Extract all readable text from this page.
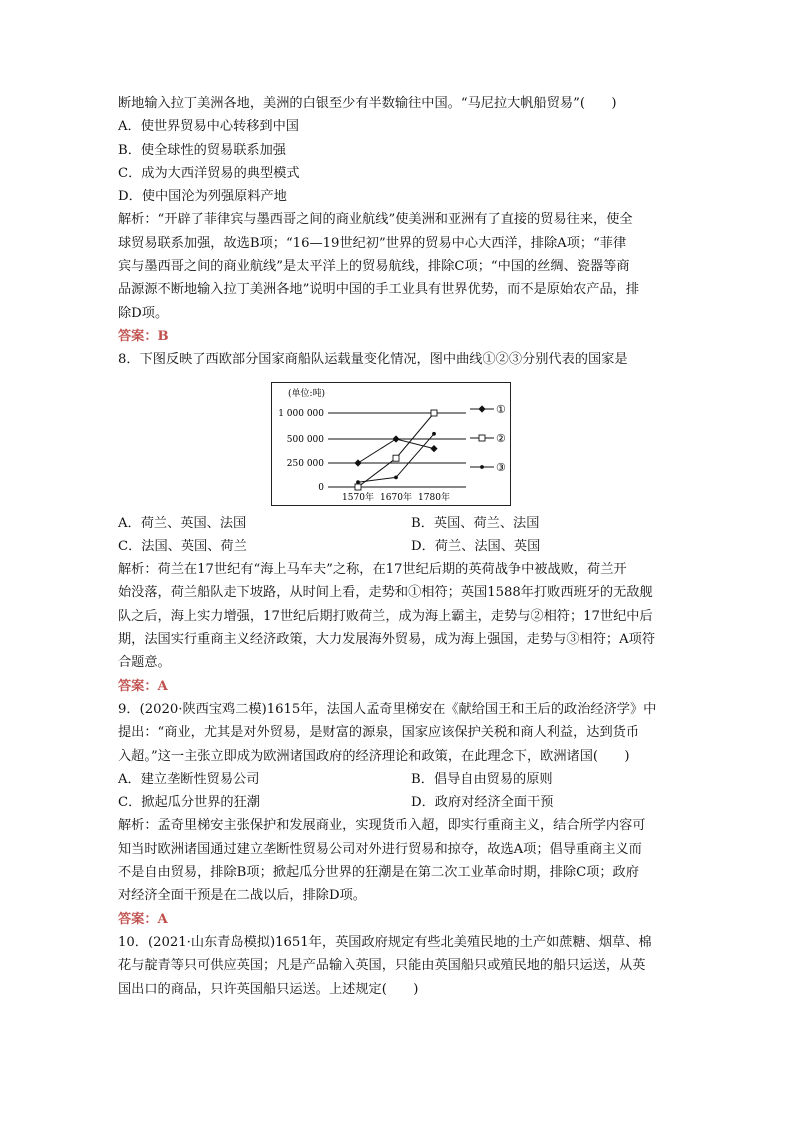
断地输入拉丁美洲各地，美洲的白银至少有半数输往中国。“马尼拉大帆船贸易”(　　)
A．使世界贸易中心转移到中国
B．使全球性的贸易联系加强
C．成为大西洋贸易的典型模式
D．使中国沦为列强原料产地
解析：“开辟了菲律宾与墨西哥之间的商业航线”使美洲和亚洲有了直接的贸易往来，使全
球贸易联系加强，故选B项；“16—19世纪初”世界的贸易中心大西洋，排除A项；“菲律
宾与墨西哥之间的商业航线”是太平洋上的贸易航线，排除C项；“中国的丝绸、瓷器等商
品源源不断地输入拉丁美洲各地”说明中国的手工业具有世界优势，而不是原始农产品，排
除D项。
答案：B
8．下图反映了西欧部分国家商船队运载量变化情况，图中曲线①②③分别代表的国家是
A．荷兰、英国、法国	B．英国、荷兰、法国
C．法国、英国、荷兰	D．荷兰、法国、英国
解析：荷兰在17世纪有“海上马车夫”之称，在17世纪后期的英荷战争中被战败，荷兰开
始没落，荷兰船队走下坡路，从时间上看，走势和①相符；英国1588年打败西班牙的无敌舰
队之后，海上实力增强，17世纪后期打败荷兰，成为海上霸主，走势与②相符；17世纪中后
期，法国实行重商主义经济政策，大力发展海外贸易，成为海上强国，走势与③相符；A项符
合题意。
答案：A
9．(2020·陕西宝鸡二模)1615年，法国人孟奇里梯安在《献给国王和王后的政治经济学》中
提出：“商业，尤其是对外贸易，是财富的源泉，国家应该保护关税和商人利益，达到货币
入超。”这一主张立即成为欧洲诸国政府的经济理论和政策，在此理念下，欧洲诸国(　　)
A．建立垄断性贸易公司	B．倡导自由贸易的原则
C．掀起瓜分世界的狂潮	D．政府对经济全面干预
解析：孟奇里梯安主张保护和发展商业，实现货币入超，即实行重商主义，结合所学内容可
知当时欧洲诸国通过建立垄断性贸易公司对外进行贸易和掠夺，故选A项；倡导重商主义而
不是自由贸易，排除B项；掀起瓜分世界的狂潮是在第二次工业革命时期，排除C项；政府
对经济全面干预是在二战以后，排除D项。
答案：A
10．(2021·山东青岛模拟)1651年，英国政府规定有些北美殖民地的土产如蔗糖、烟草、棉
花与靛青等只可供应英国；凡是产品输入英国，只能由英国船只或殖民地的船只运送，从英
国出口的商品，只许英国船只运送。上述规定(　　)
(单位:吨)
1 000 000
500 000
250 000
0
1570年 1670年 1780年
①
②
③
